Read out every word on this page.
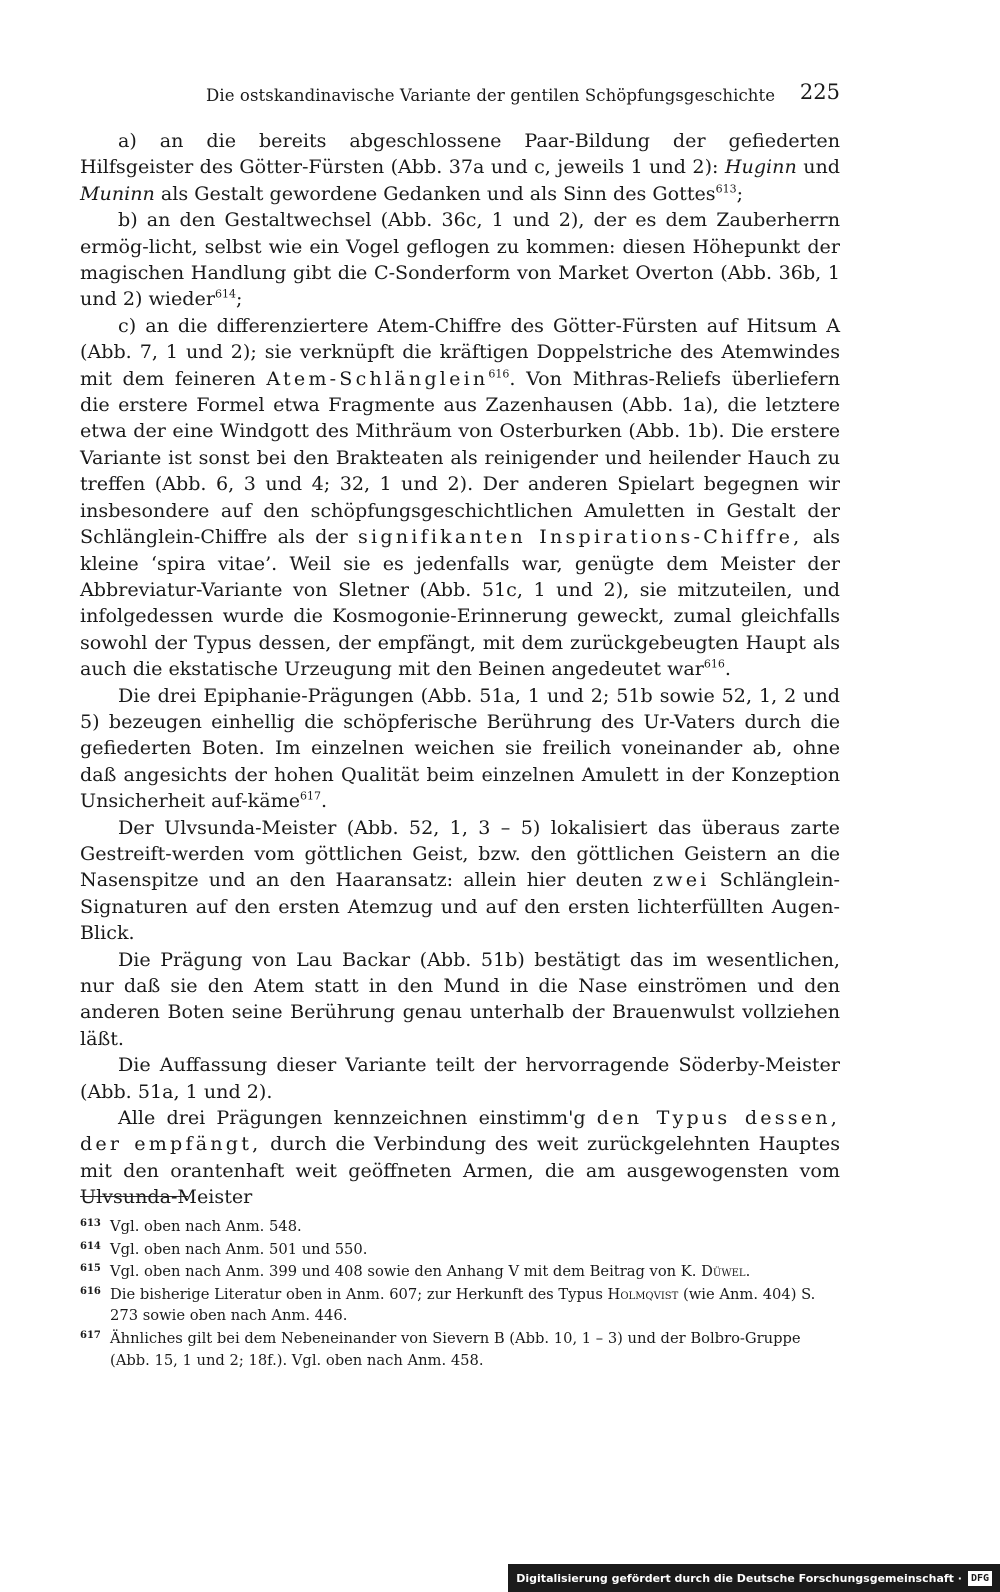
Die ostskandinavische Variante der gentilen Schöpfungsgeschichte 225

a) an die bereits abgeschlossene Paar-Bildung der gefiederten Hilfsgeister des Götter-Fürsten (Abb. 37a und c, jeweils 1 und 2): Huginn und Muninn als Gestalt gewordene Gedanken und als Sinn des Gottes$^{613}$;

b) an den Gestaltwechsel (Abb. 36c, 1 und 2), der es dem Zauberherrn ermög-licht, selbst wie ein Vogel geflogen zu kommen: diesen Höhepunkt der magischen Handlung gibt die C-Sonderform von Market Overton (Abb. 36b, 1 und 2) wieder$^{614}$;

c) an die differenziertere Atem-Chiffre des Götter-Fürsten auf Hitsum A (Abb. 7, 1 und 2); sie verknüpft die kräftigen Doppelstriche des Atemwindes mit dem feineren Atem-Schlänglein$^{616}$. Von Mithras-Reliefs überliefern die erstere Formel etwa Fragmente aus Zazenhausen (Abb. 1a), die letztere etwa der eine Windgott des Mithräum von Osterburken (Abb. 1b). Die erstere Variante ist sonst bei den Brakteaten als reinigender und heilender Hauch zu treffen (Abb. 6, 3 und 4; 32, 1 und 2). Der anderen Spielart begegnen wir insbesondere auf den schöpfungsgeschichtlichen Amuletten in Gestalt der Schlänglein-Chiffre als der signifikanten Inspirations-Chiffre, als kleine ‘spira vitae’. Weil sie es jedenfalls war, genügte dem Meister der Abbreviatur-Variante von Sletner (Abb. 51c, 1 und 2), sie mitzuteilen, und infolgedessen wurde die Kosmogonie-Erinnerung geweckt, zumal gleichfalls sowohl der Typus dessen, der empfängt, mit dem zurückgebeugten Haupt als auch die ekstatische Urzeugung mit den Beinen angedeutet war$^{616}$.

Die drei Epiphanie-Prägungen (Abb. 51a, 1 und 2; 51b sowie 52, 1, 2 und 5) bezeugen einhellig die schöpferische Berührung des Ur-Vaters durch die gefiederten Boten. Im einzelnen weichen sie freilich voneinander ab, ohne daß angesichts der hohen Qualität beim einzelnen Amulett in der Konzeption Unsicherheit auf-käme$^{617}$.

Der Ulvsunda-Meister (Abb. 52, 1, 3 – 5) lokalisiert das überaus zarte Gestreift-werden vom göttlichen Geist, bzw. den göttlichen Geistern an die Nasenspitze und an den Haaransatz: allein hier deuten zwei Schlänglein-Signaturen auf den ersten Atemzug und auf den ersten lichterfüllten Augen-Blick.

Die Prägung von Lau Backar (Abb. 51b) bestätigt das im wesentlichen, nur daß sie den Atem statt in den Mund in die Nase einströmen und den anderen Boten seine Berührung genau unterhalb der Brauenwulst vollziehen läßt.

Die Auffassung dieser Variante teilt der hervorragende Söderby-Meister (Abb. 51a, 1 und 2).

Alle drei Prägungen kennzeichnen einstimm'g den Typus dessen, der empfängt, durch die Verbindung des weit zurückgelehnten Hauptes mit den orantenhaft weit geöffneten Armen, die am ausgewogensten vom Ulvsunda-Meister

613 Vgl. oben nach Anm. 548.
614 Vgl. oben nach Anm. 501 und 550.
615 Vgl. oben nach Anm. 399 und 408 sowie den Anhang V mit dem Beitrag von K. Düwel.
616 Die bisherige Literatur oben in Anm. 607; zur Herkunft des Typus Holmqvist (wie Anm. 404) S. 273 sowie oben nach Anm. 446.
617 Ähnliches gilt bei dem Nebeneinander von Sievern B (Abb. 10, 1 – 3) und der Bolbro-Gruppe (Abb. 15, 1 und 2; 18f.). Vgl. oben nach Anm. 458.
Digitalisierung gefördert durch die Deutsche Forschungsgemeinschaft · DFG
